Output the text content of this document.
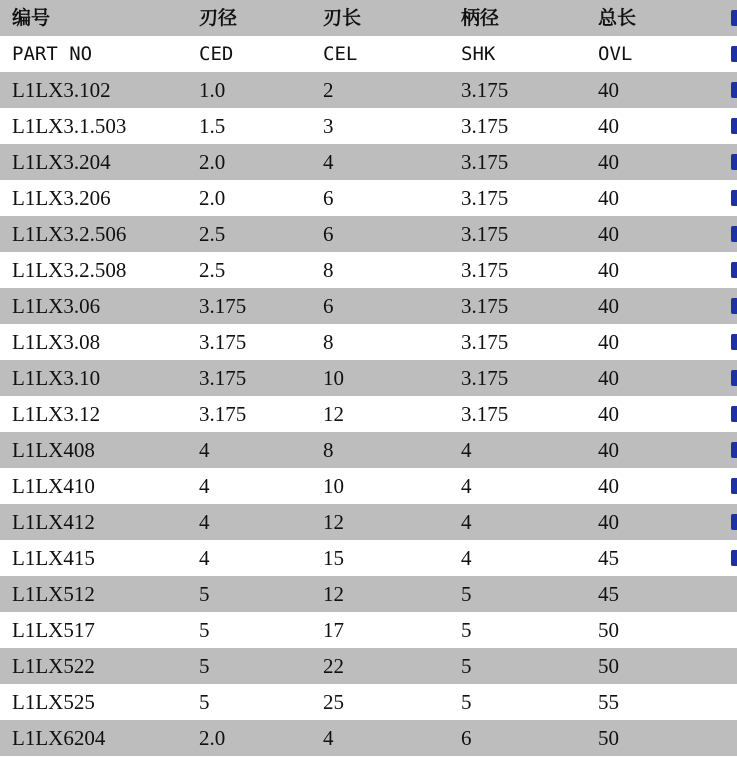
编号	刃径	刃长	柄径	总长
PART NO	CED	CEL	SHK	OVL
L1LX3.102	1.0	2	3.175	40
L1LX3.1.503	1.5	3	3.175	40
L1LX3.204	2.0	4	3.175	40
L1LX3.206	2.0	6	3.175	40
L1LX3.2.506	2.5	6	3.175	40
L1LX3.2.508	2.5	8	3.175	40
L1LX3.06	3.175	6	3.175	40
L1LX3.08	3.175	8	3.175	40
L1LX3.10	3.175	10	3.175	40
L1LX3.12	3.175	12	3.175	40
L1LX408	4	8	4	40
L1LX410	4	10	4	40
L1LX412	4	12	4	40
L1LX415	4	15	4	45
L1LX512	5	12	5	45
L1LX517	5	17	5	50
L1LX522	5	22	5	50
L1LX525	5	25	5	55
L1LX6204	2.0	4	6	50
